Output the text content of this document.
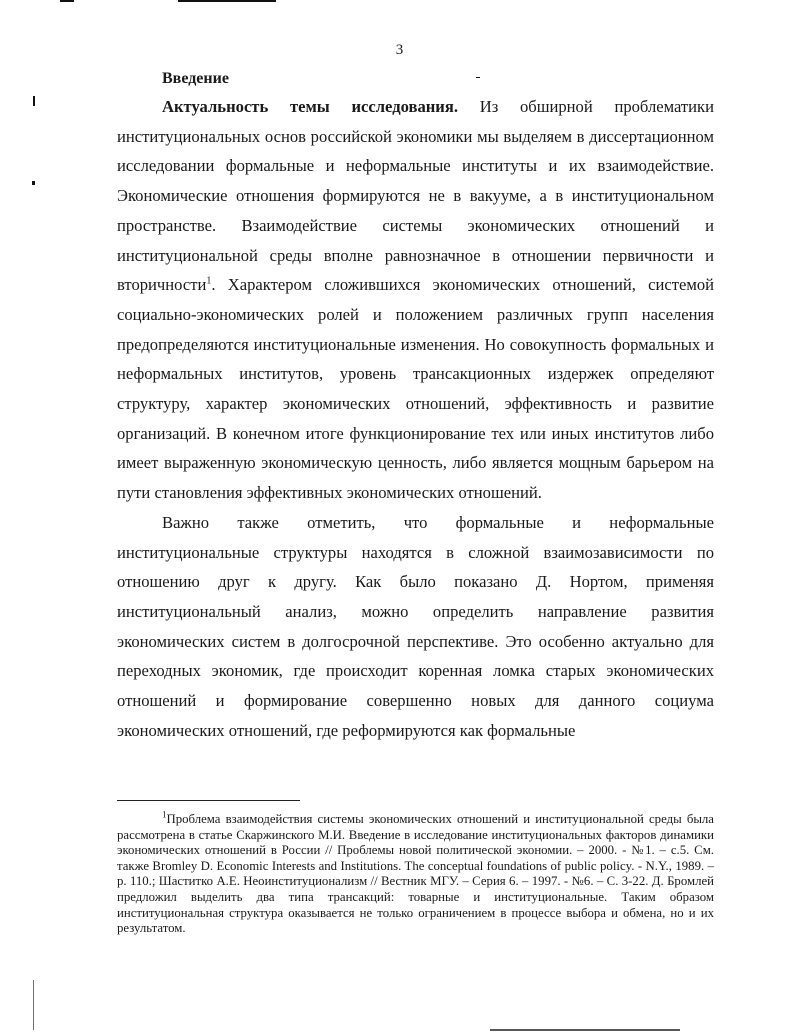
3
Введение

Актуальность темы исследования. Из обширной проблематики институциональных основ российской экономики мы выделяем в диссертационном исследовании формальные и неформальные институты и их взаимодействие. Экономические отношения формируются не в вакууме, а в институциональном пространстве. Взаимодействие системы экономических отношений и институциональной среды вполне равнозначное в отношении первичности и вторичности$^1$. Характером сложившихся экономических отношений, системой социально-экономических ролей и положением различных групп населения предопределяются институциональные изменения. Но совокупность формальных и неформальных институтов, уровень трансакционных издержек определяют структуру, характер экономических отношений, эффективность и развитие организаций. В конечном итоге функционирование тех или иных институтов либо имеет выраженную экономическую ценность, либо является мощным барьером на пути становления эффективных экономических отношений.

Важно также отметить, что формальные и неформальные институциональные структуры находятся в сложной взаимозависимости по отношению друг к другу. Как было показано Д. Нортом, применяя институциональный анализ, можно определить направление развития экономических систем в долгосрочной перспективе. Это особенно актуально для переходных экономик, где происходит коренная ломка старых экономических отношений и формирование совершенно новых для данного социума экономических отношений, где реформируются как формальные

$^1$Проблема взаимодействия системы экономических отношений и институциональной среды была рассмотрена в статье Скаржинского М.И. Введение в исследование институциональных факторов динамики экономических отношений в России // Проблемы новой политической экономии. – 2000. - №1. – с.5. См. также Bromley D. Economic Interests and Institutions. The conceptual foundations of public policy. - N.Y., 1989. – p. 110.; Шаститко А.Е. Неоинституционализм // Вестник МГУ. – Серия 6. – 1997. - №6. – С. 3-22. Д. Бромлей предложил выделить два типа трансакций: товарные и институциональные. Таким образом институциональная структура оказывается не только ограничением в процессе выбора и обмена, но и их результатом.
